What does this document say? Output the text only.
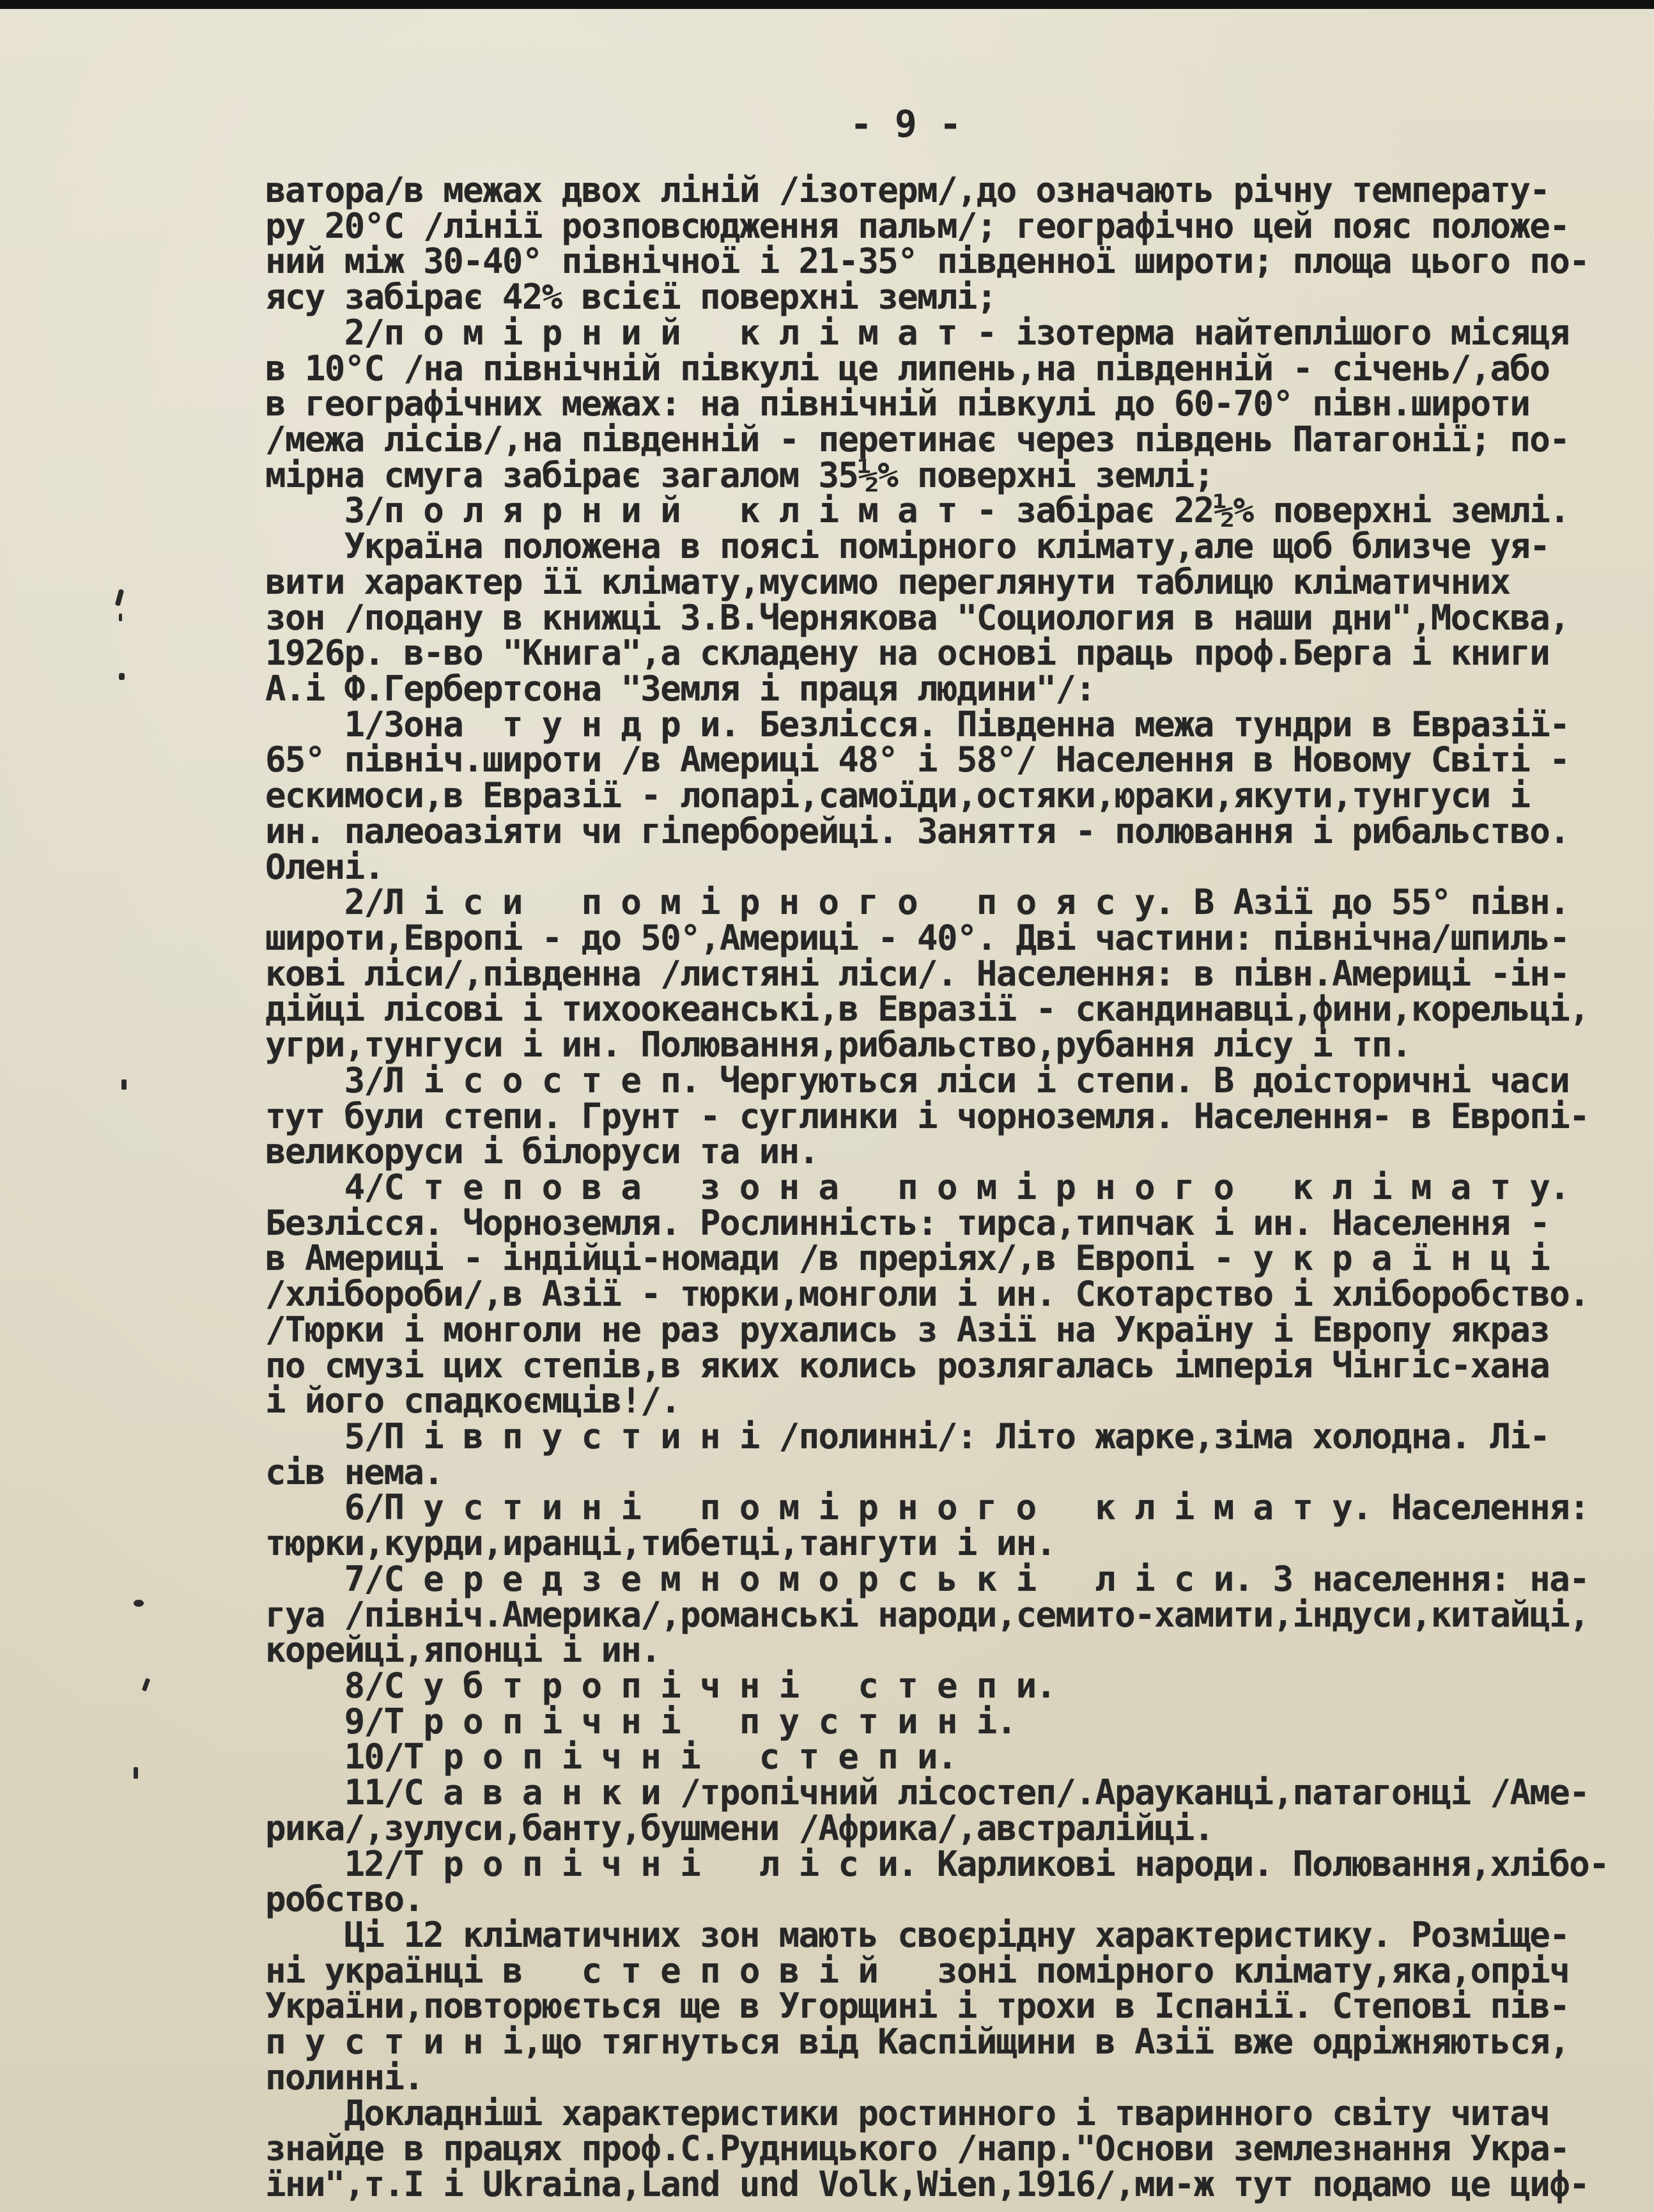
- 9 -

ватора/в межах двох ліній /ізотерм/,до означають річну температу-

ру 20°С /лінії розповсюдження пальм/; географічно цей пояс положе-

ний між 30-40° північної і 21-35° південної широти; площа цього по-

ясу забірає 42% всієї поверхні землі;

2/п о м і р н и й   к л і м а т - ізотерма найтеплішого місяця

в 10°С /на північній півкулі це липень,на південній - січень/,або

в географічних межах: на північній півкулі до 60-70° півн.широти

/межа лісів/,на південній - перетинає через південь Патагонії; по-

мірна смуга забірає загалом 35½% поверхні землі;

3/п о л я р н и й   к л і м а т - забірає 22½% поверхні землі.

Україна положена в поясі помірного клімату,але щоб близче уя-

вити характер її клімату,мусимо переглянути таблицю кліматичних

зон /подану в книжці З.В.Чернякова "Социология в наши дни",Москва,

1926р. в-во "Книга",а складену на основі праць проф.Берга і книги

А.і Ф.Гербертсона "Земля і праця людини"/:

1/Зона  т у н д р и. Безлісся. Південна межа тундри в Евразії-

65° північ.широти /в Америці 48° і 58°/ Населення в Новому Світі -

ескимоси,в Евразії - лопарі,самоїди,остяки,юраки,якути,тунгуси і

ин. палеоазіяти чи гіперборейці. Заняття - полювання і рибальство.

Олені.

2/Л і с и   п о м і р н о г о   п о я с у. В Азії до 55° півн.

широти,Европі - до 50°,Америці - 40°. Дві частини: північна/шпиль-

кові ліси/,південна /листяні ліси/. Населення: в півн.Америці -ін-

дійці лісові і тихоокеанські,в Евразії - скандинавці,фини,корельці,

угри,тунгуси і ин. Полювання,рибальство,рубання лісу і тп.

3/Л і с о с т е п. Чергуються ліси і степи. В доісторичні часи

тут були степи. Грунт - суглинки і чорноземля. Населення- в Европі-

великоруси і білоруси та ин.

4/С т е п о в а   з о н а   п о м і р н о г о   к л і м а т у.

Безлісся. Чорноземля. Рослинність: тирса,типчак і ин. Населення -

в Америці - індійці-номади /в преріях/,в Европі - у к р а ї н ц і

/хлібороби/,в Азії - тюрки,монголи і ин. Скотарство і хліборобство.

/Тюрки і монголи не раз рухались з Азії на Україну і Европу якраз

по смузі цих степів,в яких колись розлягалась імперія Чінгіс-хана

і його спадкоємців!/.

5/П і в п у с т и н і /полинні/: Літо жарке,зіма холодна. Лі-

сів нема.

6/П у с т и н і   п о м і р н о г о   к л і м а т у. Населення:

тюрки,курди,иранці,тибетці,тангути і ин.

7/С е р е д з е м н о м о р с ь к і   л і с и. З населення: на-

гуа /північ.Америка/,романські народи,семито-хамити,індуси,китайці,

корейці,японці і ин.

8/С у б т р о п і ч н і   с т е п и.

9/Т р о п і ч н і   п у с т и н і.

10/Т р о п і ч н і   с т е п и.

11/С а в а н к и /тропічний лісостеп/.Арауканці,патагонці /Аме-

рика/,зулуси,банту,бушмени /Африка/,австралійці.

12/Т р о п і ч н і   л і с и. Карликові народи. Полювання,хлібо-

робство.

Ці 12 кліматичних зон мають своєрідну характеристику. Розміще-

ні українці в   с т е п о в і й   зоні помірного клімату,яка,опріч

України,повторюється ще в Угорщині і трохи в Іспанії. Степові пів-

п у с т и н і,що тягнуться від Каспійщини в Азії вже одріжняються,

полинні.

Докладніші характеристики ростинного і тваринного світу читач

знайде в працях проф.С.Рудницького /напр."Основи землезнання Укра-

їни",т.I і Ukraina,Land und Volk,Wien,1916/,ми-ж тут подамо це циф-
